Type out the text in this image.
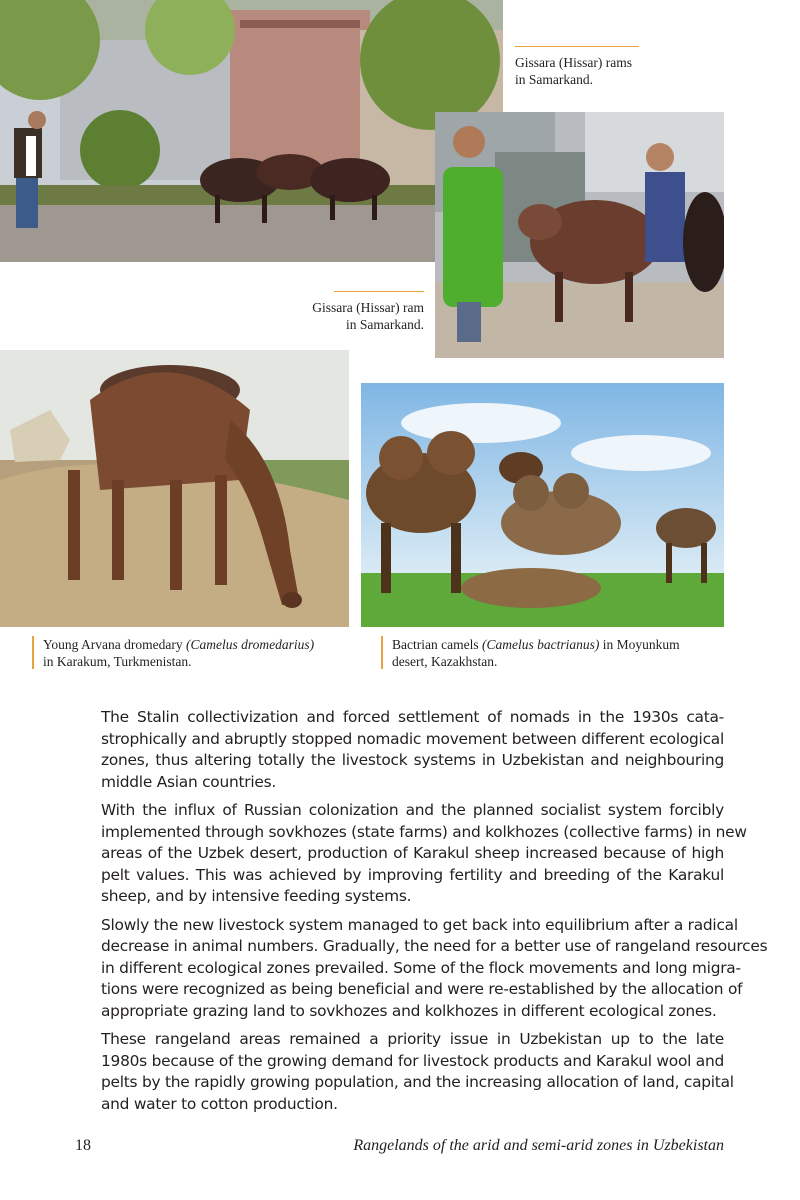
Gissara (Hissar) rams
in Samarkand.
Gissara (Hissar) ram
in Samarkand.
Young Arvana dromedary (Camelus dromedarius)
in Karakum, Turkmenistan.
Bactrian camels (Camelus bactrianus) in Moyunkum
desert, Kazakhstan.

The Stalin collectivization and forced settlement of nomads in the 1930s cata-
strophically and abruptly stopped nomadic movement between different ecological
zones, thus altering totally the livestock systems in Uzbekistan and neighbouring
middle Asian countries.

With the influx of Russian colonization and the planned socialist system forcibly
implemented through sovkhozes (state farms) and kolkhozes (collective farms) in new
areas of the Uzbek desert, production of Karakul sheep increased because of high
pelt values. This was achieved by improving fertility and breeding of the Karakul
sheep, and by intensive feeding systems.

Slowly the new livestock system managed to get back into equilibrium after a radical
decrease in animal numbers. Gradually, the need for a better use of rangeland resources
in different ecological zones prevailed. Some of the flock movements and long migra-
tions were recognized as being beneficial and were re-established by the allocation of
appropriate grazing land to sovkhozes and kolkhozes in different ecological zones.

These rangeland areas remained a priority issue in Uzbekistan up to the late
1980s because of the growing demand for livestock products and Karakul wool and
pelts by the rapidly growing population, and the increasing allocation of land, capital
and water to cotton production.

18	Rangelands of the arid and semi-arid zones in Uzbekistan
